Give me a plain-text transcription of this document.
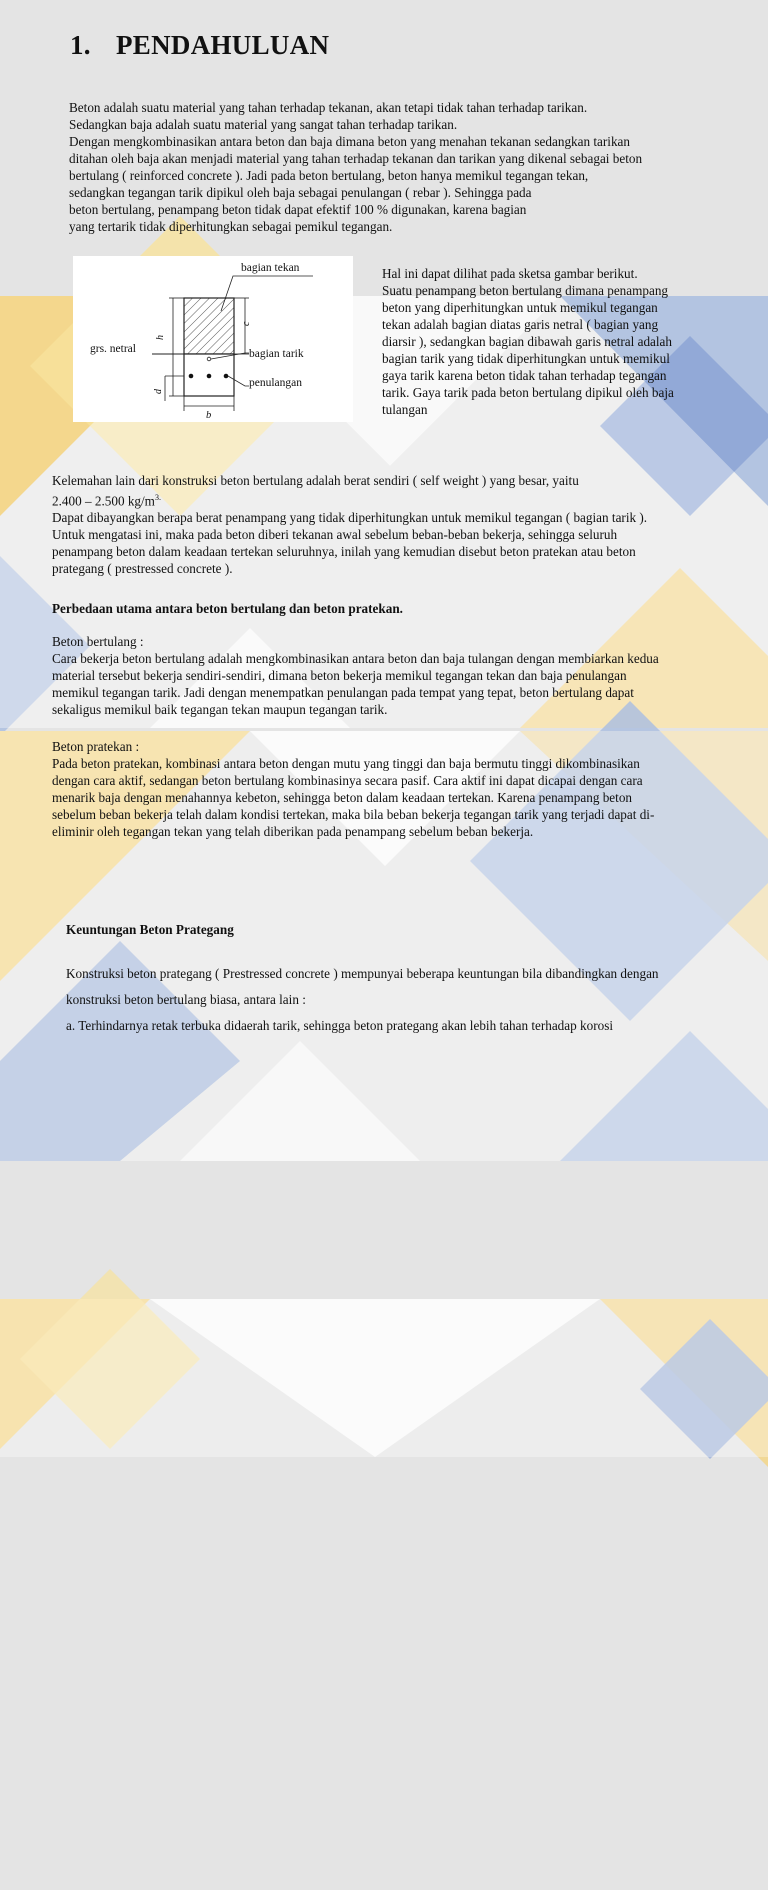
1. PENDAHULUAN
Beton adalah suatu material yang tahan terhadap tekanan, akan tetapi tidak tahan terhadap tarikan.
Sedangkan baja adalah suatu material yang sangat tahan terhadap tarikan.
Dengan mengkombinasikan antara beton dan baja dimana beton yang menahan tekanan sedangkan tarikan
ditahan oleh baja akan menjadi material yang tahan terhadap tekanan dan tarikan yang dikenal sebagai beton
bertulang ( reinforced concrete ). Jadi pada beton bertulang, beton hanya memikul tegangan tekan,
sedangkan tegangan tarik dipikul oleh baja sebagai penulangan ( rebar ). Sehingga pada
beton bertulang, penampang beton tidak dapat efektif 100 % digunakan, karena bagian
yang tertarik tidak diperhitungkan sebagai pemikul tegangan.
bagian tekan
bagian tarik
penulangan
grs. netral
h
c
d
b
Hal ini dapat dilihat pada sketsa gambar berikut.
Suatu penampang beton bertulang dimana penampang
beton yang diperhitungkan untuk memikul tegangan
tekan adalah bagian diatas garis netral ( bagian yang
diarsir ), sedangkan bagian dibawah garis netral adalah
bagian tarik yang tidak diperhitungkan untuk memikul
gaya tarik karena beton tidak tahan terhadap tegangan
tarik. Gaya tarik pada beton bertulang dipikul oleh baja
tulangan
Kelemahan lain dari konstruksi beton bertulang adalah berat sendiri ( self weight ) yang besar, yaitu
2.400 – 2.500 $kg/m^{3.}$
Dapat dibayangkan berapa berat penampang yang tidak diperhitungkan untuk memikul tegangan ( bagian tarik ).
Untuk mengatasi ini, maka pada beton diberi tekanan awal sebelum beban-beban bekerja, sehingga seluruh
penampang beton dalam keadaan tertekan seluruhnya, inilah yang kemudian disebut beton pratekan atau beton
prategang ( prestressed concrete ).
Perbedaan utama antara beton bertulang dan beton pratekan.
Beton bertulang :
Cara bekerja beton bertulang adalah mengkombinasikan antara beton dan baja tulangan dengan membiarkan kedua
material tersebut bekerja sendiri-sendiri, dimana beton bekerja memikul tegangan tekan dan baja penulangan
memikul tegangan tarik. Jadi dengan menempatkan penulangan pada tempat yang tepat, beton bertulang dapat
sekaligus memikul baik tegangan tekan maupun tegangan tarik.
Beton pratekan :
Pada beton pratekan, kombinasi antara beton dengan mutu yang tinggi dan baja bermutu tinggi dikombinasikan
dengan cara aktif, sedangan beton bertulang kombinasinya secara pasif. Cara aktif ini dapat dicapai dengan cara
menarik baja dengan menahannya kebeton, sehingga beton dalam keadaan tertekan. Karena penampang beton
sebelum beban bekerja telah dalam kondisi tertekan, maka bila beban bekerja tegangan tarik yang terjadi dapat di-
eliminir oleh tegangan tekan yang telah diberikan pada penampang sebelum beban bekerja.
Keuntungan Beton Prategang
Konstruksi beton prategang ( Prestressed concrete ) mempunyai beberapa keuntungan bila dibandingkan dengan
konstruksi beton bertulang biasa, antara lain :
a. Terhindarnya retak terbuka didaerah tarik, sehingga beton prategang akan lebih tahan terhadap korosi
